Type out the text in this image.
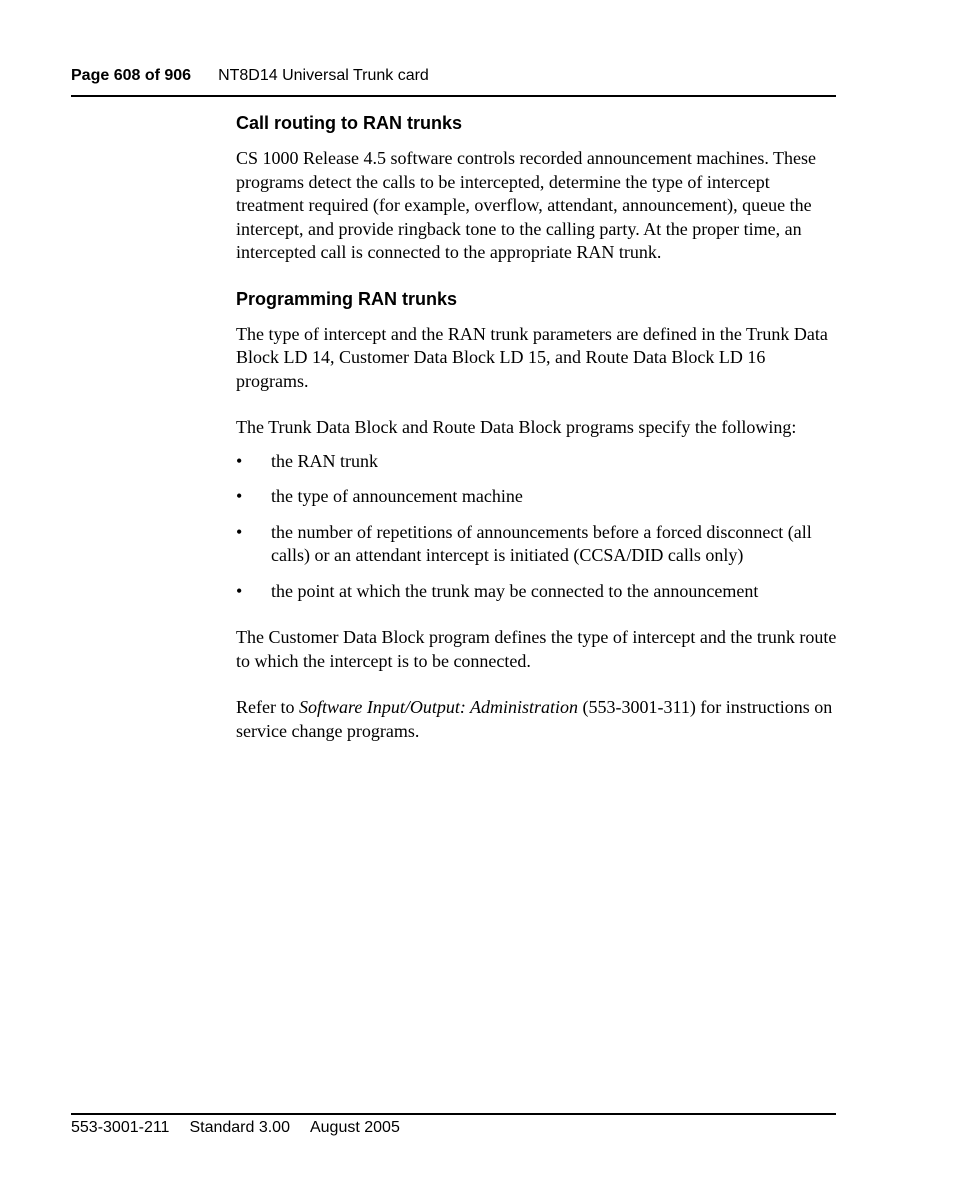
Page 608 of 906 NT8D14 Universal Trunk card
Call routing to RAN trunks

CS 1000 Release 4.5 software controls recorded announcement machines. These programs detect the calls to be intercepted, determine the type of intercept treatment required (for example, overflow, attendant, announcement), queue the intercept, and provide ringback tone to the calling party. At the proper time, an intercepted call is connected to the appropriate RAN trunk.

Programming RAN trunks

The type of intercept and the RAN trunk parameters are defined in the Trunk Data Block LD 14, Customer Data Block LD 15, and Route Data Block LD 16 programs.

The Trunk Data Block and Route Data Block programs specify the following:

• the RAN trunk
• the type of announcement machine
• the number of repetitions of announcements before a forced disconnect (all calls) or an attendant intercept is initiated (CCSA/DID calls only)
• the point at which the trunk may be connected to the announcement

The Customer Data Block program defines the type of intercept and the trunk route to which the intercept is to be connected.

Refer to Software Input/Output: Administration (553-3001-311) for instructions on service change programs.

553-3001-211 Standard 3.00 August 2005
